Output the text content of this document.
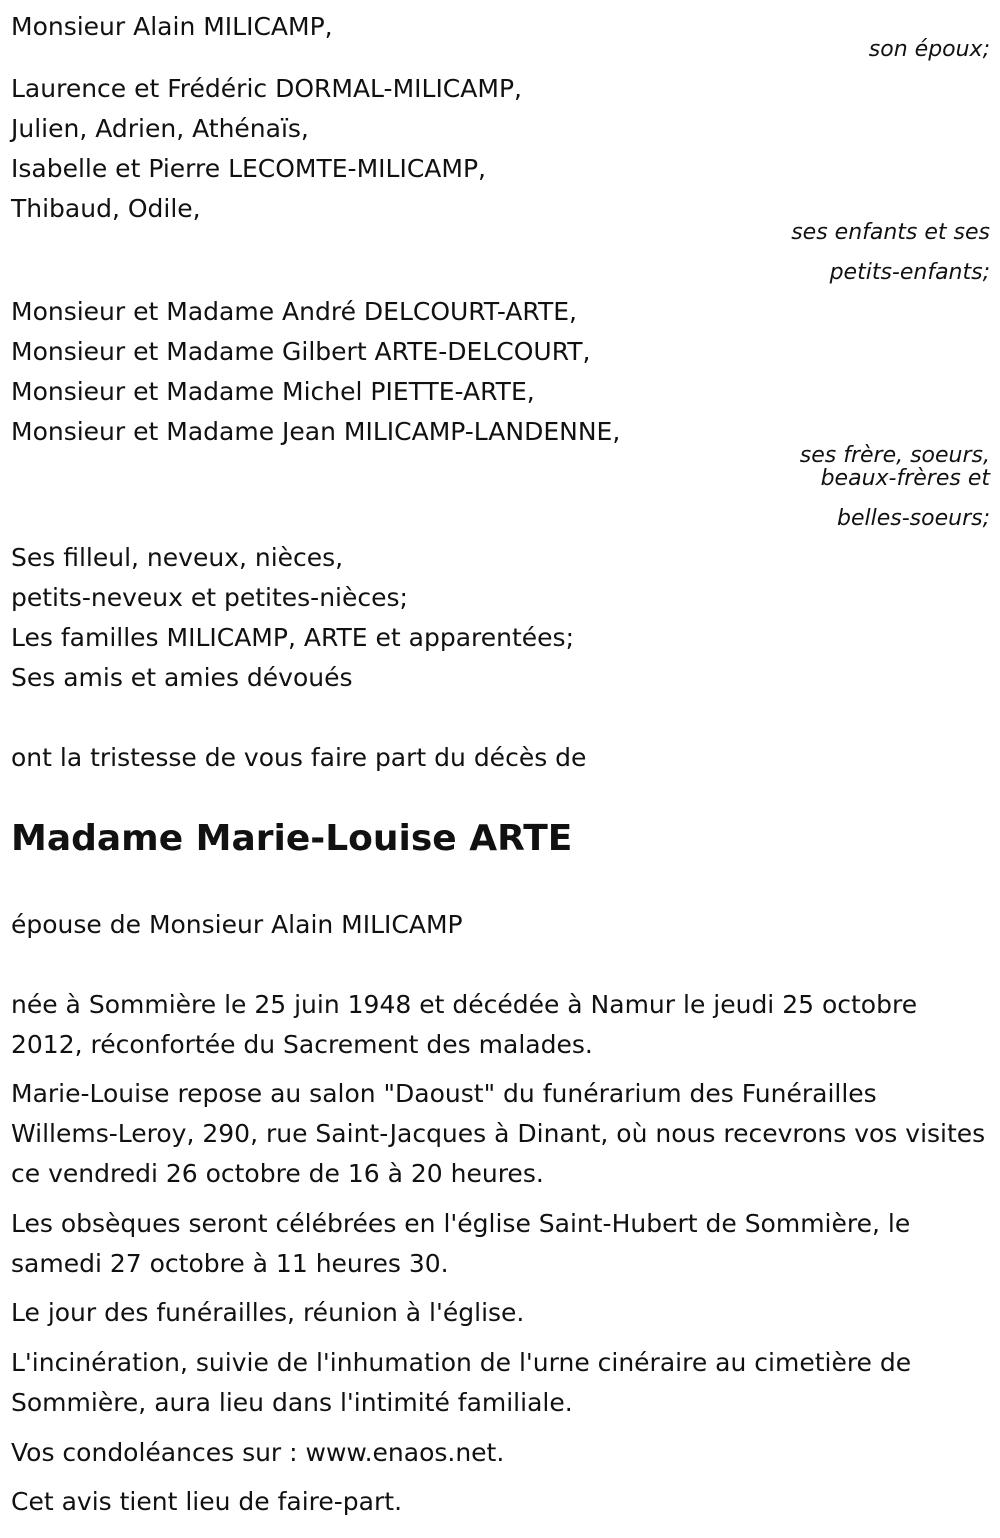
Monsieur Alain MILICAMP,
son époux;
Laurence et Frédéric DORMAL-MILICAMP,
Julien, Adrien, Athénaïs,
Isabelle et Pierre LECOMTE-MILICAMP,
Thibaud, Odile,
ses enfants et ses
petits-enfants;
Monsieur et Madame André DELCOURT-ARTE,
Monsieur et Madame Gilbert ARTE-DELCOURT,
Monsieur et Madame Michel PIETTE-ARTE,
Monsieur et Madame Jean MILICAMP-LANDENNE,
ses frère, soeurs,
beaux-frères et
belles-soeurs;
Ses filleul, neveux, nièces,
petits-neveux et petites-nièces;
Les familles MILICAMP, ARTE et apparentées;
Ses amis et amies dévoués
ont la tristesse de vous faire part du décès de
Madame Marie-Louise ARTE
épouse de Monsieur Alain MILICAMP
née à Sommière le 25 juin 1948 et décédée à Namur le jeudi 25 octobre 2012, réconfortée du Sacrement des malades.
Marie-Louise repose au salon "Daoust" du funérarium des Funérailles Willems-Leroy, 290, rue Saint-Jacques à Dinant, où nous recevrons vos visites ce vendredi 26 octobre de 16 à 20 heures.
Les obsèques seront célébrées en l'église Saint-Hubert de Sommière, le samedi 27 octobre à 11 heures 30.
Le jour des funérailles, réunion à l'église.
L'incinération, suivie de l'inhumation de l'urne cinéraire au cimetière de Sommière, aura lieu dans l'intimité familiale.
Vos condoléances sur : www.enaos.net.
Cet avis tient lieu de faire-part.
